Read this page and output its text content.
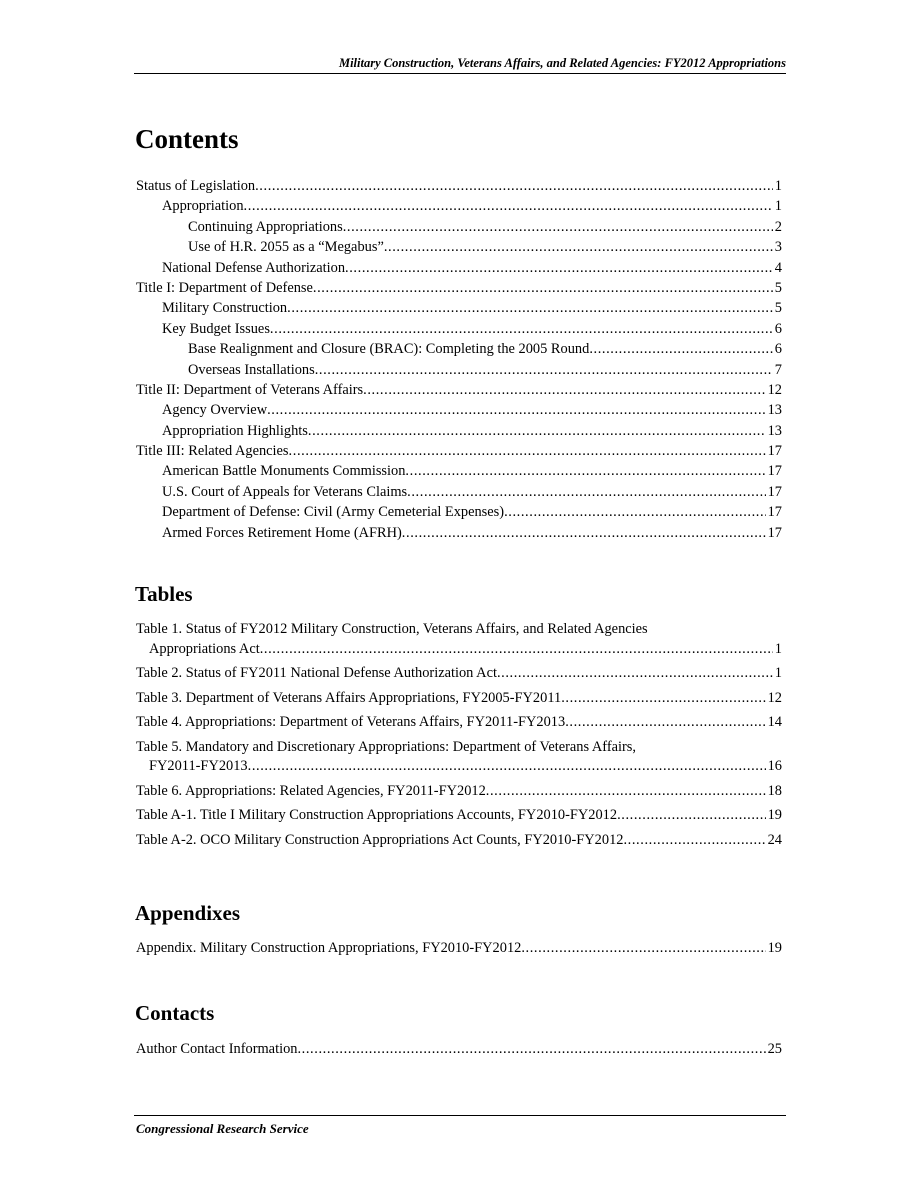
Military Construction, Veterans Affairs, and Related Agencies: FY2012 Appropriations
Contents
Status of Legislation . . .	1
Appropriation . . .	1
Continuing Appropriations . . .	2
Use of H.R. 2055 as a “Megabus” . . .	3
National Defense Authorization . . .	4
Title I: Department of Defense . . .	5
Military Construction . . .	5
Key Budget Issues . . .	6
Base Realignment and Closure (BRAC): Completing the 2005 Round . . .	6
Overseas Installations . . .	7
Title II: Department of Veterans Affairs . . .	12
Agency Overview . . .	13
Appropriation Highlights . . .	13
Title III: Related Agencies . . .	17
American Battle Monuments Commission . . .	17
U.S. Court of Appeals for Veterans Claims . . .	17
Department of Defense: Civil (Army Cemeterial Expenses) . . .	17
Armed Forces Retirement Home (AFRH) . . .	17
Tables
Table 1. Status of FY2012 Military Construction, Veterans Affairs, and Related Agencies
Appropriations Act . . .	1
Table 2. Status of FY2011 National Defense Authorization Act . . .	1
Table 3. Department of Veterans Affairs Appropriations, FY2005-FY2011 . . .	12
Table 4. Appropriations: Department of Veterans Affairs, FY2011-FY2013 . . .	14
Table 5. Mandatory and Discretionary Appropriations: Department of Veterans Affairs,
FY2011-FY2013 . . .	16
Table 6. Appropriations: Related Agencies, FY2011-FY2012 . . .	18
Table A-1. Title I Military Construction Appropriations Accounts, FY2010-FY2012 . . .	19
Table A-2. OCO Military Construction Appropriations Act Counts, FY2010-FY2012 . . .	24
Appendixes
Appendix. Military Construction Appropriations, FY2010-FY2012 . . .	19
Contacts
Author Contact Information . . .	25
Congressional Research Service
